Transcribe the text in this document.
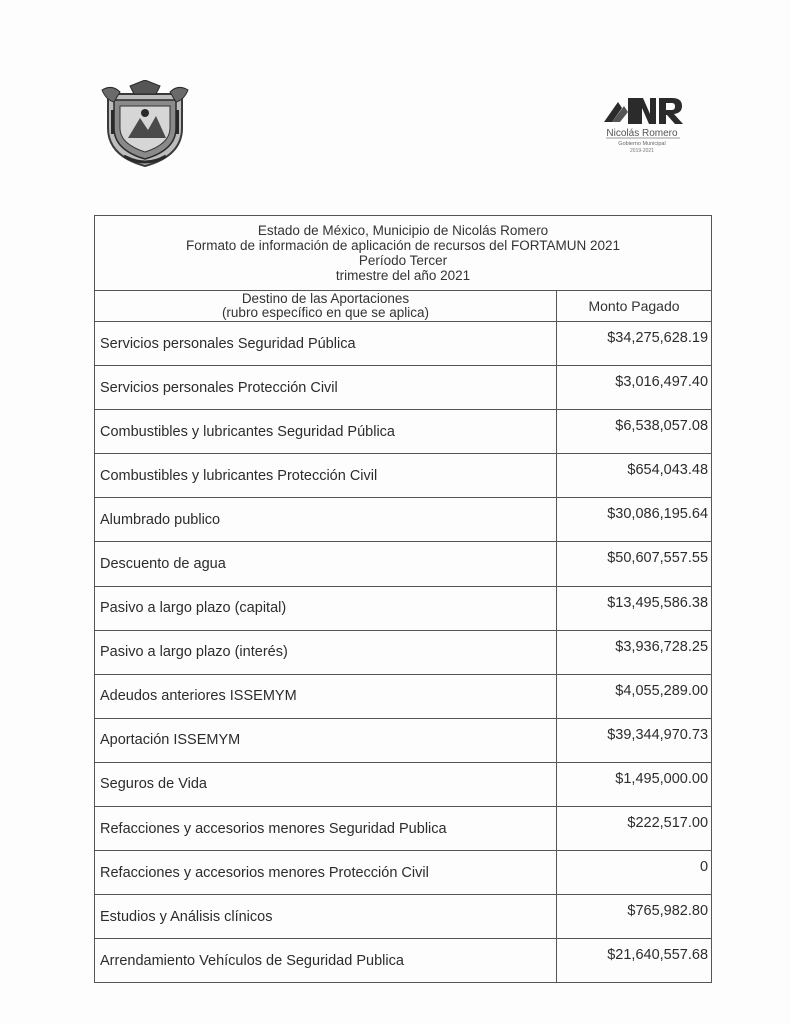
Nicolás Romero
Gobierno Municipal
2019-2021
Estado de México, Municipio de Nicolás Romero
Formato de información de aplicación de recursos del FORTAMUN 2021
Período Tercer
trimestre del año 2021	

Destino de las Aportaciones
(rubro específico en que se aplica)	Monto Pagado
Servicios personales Seguridad Pública	$34,275,628.19
Servicios personales Protección Civil	$3,016,497.40
Combustibles y lubricantes Seguridad Pública	$6,538,057.08
Combustibles y lubricantes Protección Civil	$654,043.48
Alumbrado publico	$30,086,195.64
Descuento de agua	$50,607,557.55
Pasivo a largo plazo (capital)	$13,495,586.38
Pasivo a largo plazo (interés)	$3,936,728.25
Adeudos anteriores ISSEMYM	$4,055,289.00
Aportación ISSEMYM	$39,344,970.73
Seguros de Vida	$1,495,000.00
Refacciones y accesorios menores Seguridad Publica	$222,517.00
Refacciones y accesorios menores Protección Civil	0
Estudios y Análisis clínicos	$765,982.80
Arrendamiento Vehículos de Seguridad Publica	$21,640,557.68
